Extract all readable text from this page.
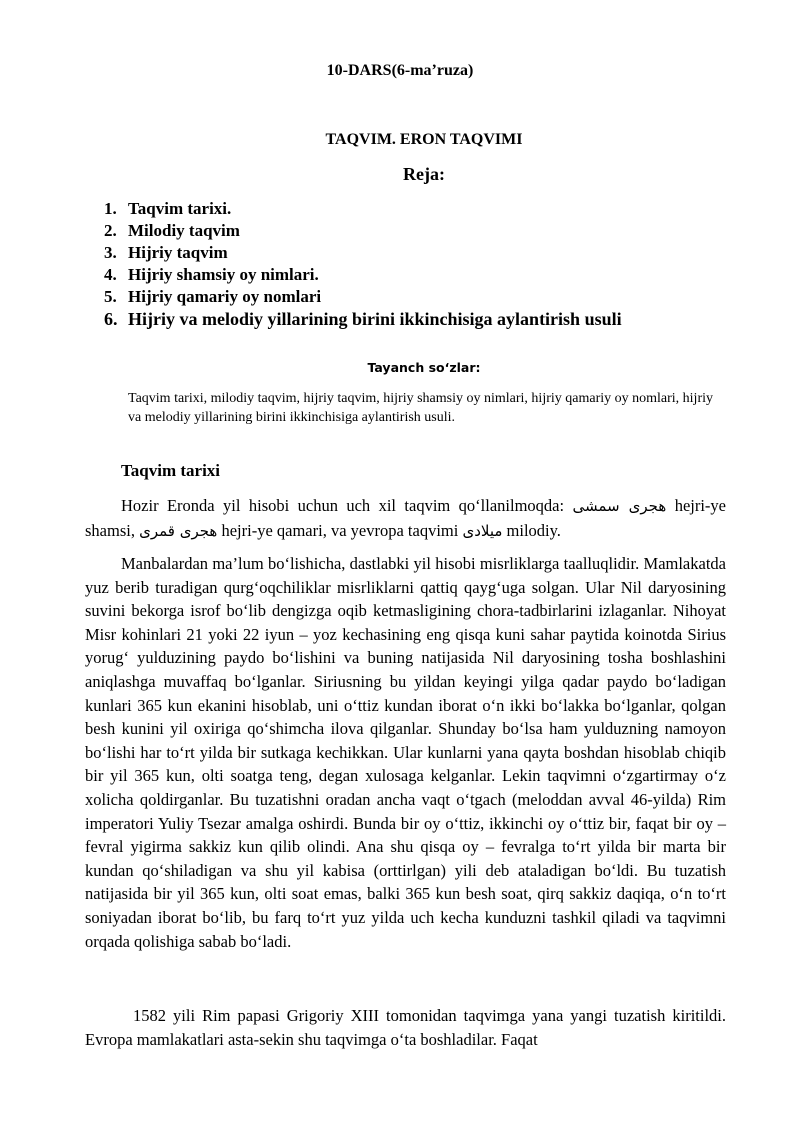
10-DARS(6-ma’ruza)
TAQVIM. ERON TAQVIMI
Reja:
1. Taqvim tarixi.
2. Milodiy taqvim
3. Hijriy taqvim
4. Hijriy shamsiy oy nimlari.
5. Hijriy qamariy oy nomlari
6. Hijriy va melodiy yillarining birini ikkinchisiga aylantirish usuli
Tayanch so‘zlar:
Taqvim tarixi, milodiy taqvim, hijriy taqvim, hijriy shamsiy oy nimlari, hijriy qamariy oy nomlari, hijriy va melodiy yillarining birini ikkinchisiga aylantirish usuli.
Taqvim tarixi

Hozir Eronda yil hisobi uchun uch xil taqvim qo‘llanilmoqda: هجری سمشی hejri-ye shamsi, هجری قمری hejri-ye qamari, va yevropa taqvimi میلادی milodiy.

Manbalardan ma’lum bo‘lishicha, dastlabki yil hisobi misrliklarga taalluqlidir. Mamlakatda yuz berib turadigan qurg‘oqchiliklar misrliklarni qattiq qayg‘uga solgan. Ular Nil daryosining suvini bekorga isrof bo‘lib dengizga oqib ketmasligining chora-tadbirlarini izlaganlar. Nihoyat Misr kohinlari 21 yoki 22 iyun – yoz kechasining eng qisqa kuni sahar paytida koinotda Sirius yorug‘ yulduzining paydo bo‘lishini va buning natijasida Nil daryosining tosha boshlashini aniqlashga muvaffaq bo‘lganlar. Siriusning bu yildan keyingi yilga qadar paydo bo‘ladigan kunlari 365 kun ekanini hisoblab, uni o‘ttiz kundan iborat o‘n ikki bo‘lakka bo‘lganlar, qolgan besh kunini yil oxiriga qo‘shimcha ilova qilganlar. Shunday bo‘lsa ham yulduzning namoyon bo‘lishi har to‘rt yilda bir sutkaga kechikkan. Ular kunlarni yana qayta boshdan hisoblab chiqib bir yil 365 kun, olti soatga teng, degan xulosaga kelganlar. Lekin taqvimni o‘zgartirmay o‘z xolicha qoldirganlar. Bu tuzatishni oradan ancha vaqt o‘tgach (meloddan avval 46-yilda) Rim imperatori Yuliy Tsezar amalga oshirdi. Bunda bir oy o‘ttiz, ikkinchi oy o‘ttiz bir, faqat bir oy – fevral yigirma sakkiz kun qilib olindi. Ana shu qisqa oy – fevralga to‘rt yilda bir marta bir kundan qo‘shiladigan va shu yil kabisa (orttirlgan) yili deb ataladigan bo‘ldi. Bu tuzatish natijasida bir yil 365 kun, olti soat emas, balki 365 kun besh soat, qirq sakkiz daqiqa, o‘n to‘rt soniyadan iborat bo‘lib, bu farq to‘rt yuz yilda uch kecha kunduzni tashkil qiladi va taqvimni orqada qolishiga sabab bo‘ladi.

1582 yili Rim papasi Grigoriy XIII tomonidan taqvimga yana yangi tuzatish kiritildi. Evropa mamlakatlari asta-sekin shu taqvimga o‘ta boshladilar. Faqat
